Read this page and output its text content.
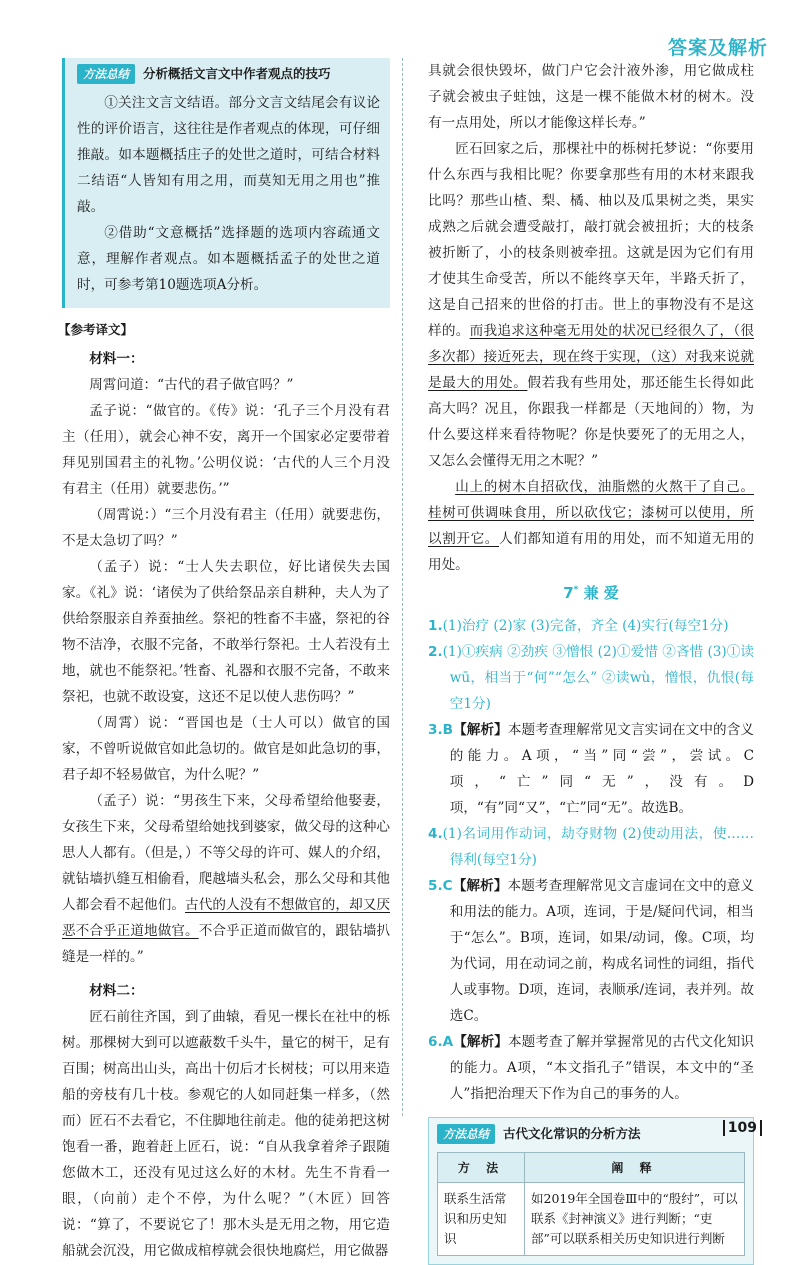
答案及解析
方法总结 分析概括文言文中作者观点的技巧

①关注文言文结语。部分文言文结尾会有议论性的评价语言，这往往是作者观点的体现，可仔细推敲。如本题概括庄子的处世之道时，可结合材料二结语“人皆知有用之用，而莫知无用之用也”推敲。

②借助“文意概括”选择题的选项内容疏通文意，理解作者观点。如本题概括孟子的处世之道时，可参考第10题选项A分析。

【参考译文】

材料一：

周霄问道：“古代的君子做官吗？”

孟子说：“做官的。《传》说：‘孔子三个月没有君主（任用），就会心神不安，离开一个国家必定要带着拜见别国君主的礼物。’公明仪说：‘古代的人三个月没有君主（任用）就要悲伤。’”

（周霄说：）“三个月没有君主（任用）就要悲伤，不是太急切了吗？”

（孟子）说：“士人失去职位，好比诸侯失去国家。《礼》说：‘诸侯为了供给祭品亲自耕种，夫人为了供给祭服亲自养蚕抽丝。祭祀的牲畜不丰盛，祭祀的谷物不洁净，衣服不完备，不敢举行祭祀。士人若没有土地，就也不能祭祀。’牲畜、礼器和衣服不完备，不敢来祭祀，也就不敢设宴，这还不足以使人悲伤吗？”

（周霄）说：“晋国也是（士人可以）做官的国家，不曾听说做官如此急切的。做官是如此急切的事，君子却不轻易做官，为什么呢？”

（孟子）说：“男孩生下来，父母希望给他娶妻，女孩生下来，父母希望给她找到婆家，做父母的这种心思人人都有。（但是，）不等父母的许可、媒人的介绍，就钻墙扒缝互相偷看，爬越墙头私会，那么父母和其他人都会看不起他们。古代的人没有不想做官的，却又厌恶不合乎正道地做官。不合乎正道而做官的，跟钻墙扒缝是一样的。”

材料二：

匠石前往齐国，到了曲辕，看见一棵长在社中的栎树。那棵树大到可以遮蔽数千头牛，量它的树干，足有百围；树高出山头，高出十仞后才长树枝；可以用来造船的旁枝有几十枝。参观它的人如同赶集一样多，（然而）匠石不去看它，不住脚地往前走。他的徒弟把这树饱看一番，跑着赶上匠石，说：“自从我拿着斧子跟随您做木工，还没有见过这么好的木材。先生不肯看一眼，（向前）走个不停，为什么呢？”（木匠）回答说：“算了，不要说它了！那木头是无用之物，用它造船就会沉没，用它做成棺椁就会很快地腐烂，用它做器

具就会很快毁坏，做门户它会汁液外渗，用它做成柱子就会被虫子蛀蚀，这是一棵不能做木材的树木。没有一点用处，所以才能像这样长寿。”

匠石回家之后，那棵社中的栎树托梦说：“你要用什么东西与我相比呢？你要拿那些有用的木材来跟我比吗？那些山楂、梨、橘、柚以及瓜果树之类，果实成熟之后就会遭受敲打，敲打就会被扭折；大的枝条被折断了，小的枝条则被牵扭。这就是因为它们有用才使其生命受苦，所以不能终享天年，半路夭折了，这是自己招来的世俗的打击。世上的事物没有不是这样的。而我追求这种毫无用处的状况已经很久了，（很多次都）接近死去，现在终于实现，（这）对我来说就是最大的用处。假若我有些用处，那还能生长得如此高大吗？况且，你跟我一样都是（天地间的）物，为什么要这样来看待物呢？你是快要死了的无用之人，又怎么会懂得无用之木呢？”

山上的树木自招砍伐，油脂燃的火熬干了自己。桂树可供调味食用，所以砍伐它；漆树可以使用，所以割开它。人们都知道有用的用处，而不知道无用的用处。

7* 兼 爱

1.(1)治疗 (2)家 (3)完备，齐全 (4)实行(每空1分)

2.(1)①疾病 ②劲疾 ③憎恨 (2)①爱惜 ②吝惜 (3)①读wū，相当于“何”“怎么” ②读wù，憎恨，仇恨(每空1分)

3.B【解析】本题考查理解常见文言实词在文中的含义的能力。A项，“当”同“尝”，尝试。C项，“亡”同“无”，没有。D项，“有”同“又”，“亡”同“无”。故选B。

4.(1)名词用作动词，劫夺财物 (2)使动用法，使……得利(每空1分)

5.C【解析】本题考查理解常见文言虚词在文中的意义和用法的能力。A项，连词，于是/疑问代词，相当于“怎么”。B项，连词，如果/动词，像。C项，均为代词，用在动词之前，构成名词性的词组，指代人或事物。D项，连词，表顺承/连词，表并列。故选C。

6.A【解析】本题考查了解并掌握常见的古代文化知识的能力。A项，“本文指孔子”错误，本文中的“圣人”指把治理天下作为自己的事务的人。

方法总结 古代文化常识的分析方法
方 法	阐 释
联系生活常识和历史知识	如2019年全国卷Ⅲ中的“殷纣”，可以联系《封神演义》进行判断；“吏部”可以联系相关历史知识进行判断
109
